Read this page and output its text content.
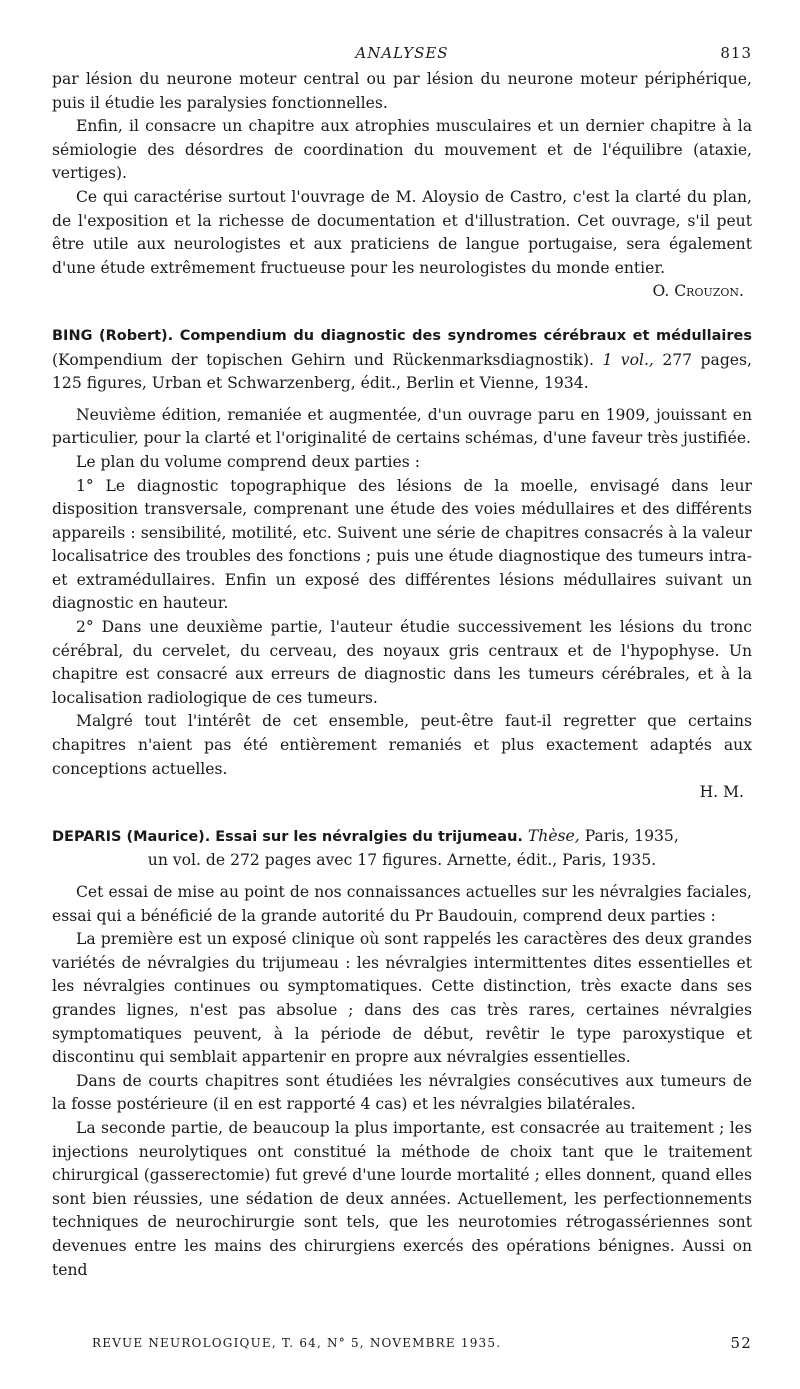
ANALYSES	813

par lésion du neurone moteur central ou par lésion du neurone moteur périphérique, puis il étudie les paralysies fonctionnelles.

Enfin, il consacre un chapitre aux atrophies musculaires et un dernier chapitre à la sémiologie des désordres de coordination du mouvement et de l'équilibre (ataxie, vertiges).

Ce qui caractérise surtout l'ouvrage de M. Aloysio de Castro, c'est la clarté du plan, de l'exposition et la richesse de documentation et d'illustration. Cet ouvrage, s'il peut être utile aux neurologistes et aux praticiens de langue portugaise, sera également d'une étude extrêmement fructueuse pour les neurologistes du monde entier.

O. Crouzon.

BING (Robert). Compendium du diagnostic des syndromes cérébraux et médullaires (Kompendium der topischen Gehirn und Rückenmarksdiagnostik). 1 vol., 277 pages, 125 figures, Urban et Schwarzenberg, édit., Berlin et Vienne, 1934.

Neuvième édition, remaniée et augmentée, d'un ouvrage paru en 1909, jouissant en particulier, pour la clarté et l'originalité de certains schémas, d'une faveur très justifiée.

Le plan du volume comprend deux parties :

1° Le diagnostic topographique des lésions de la moelle, envisagé dans leur disposition transversale, comprenant une étude des voies médullaires et des différents appareils : sensibilité, motilité, etc. Suivent une série de chapitres consacrés à la valeur localisatrice des troubles des fonctions ; puis une étude diagnostique des tumeurs intra- et extramédullaires. Enfin un exposé des différentes lésions médullaires suivant un diagnostic en hauteur.

2° Dans une deuxième partie, l'auteur étudie successivement les lésions du tronc cérébral, du cervelet, du cerveau, des noyaux gris centraux et de l'hypophyse. Un chapitre est consacré aux erreurs de diagnostic dans les tumeurs cérébrales, et à la localisation radiologique de ces tumeurs.

Malgré tout l'intérêt de cet ensemble, peut-être faut-il regretter que certains chapitres n'aient pas été entièrement remaniés et plus exactement adaptés aux conceptions actuelles.

H. M.

DEPARIS (Maurice). Essai sur les névralgies du trijumeau. Thèse, Paris, 1935,
un vol. de 272 pages avec 17 figures. Arnette, édit., Paris, 1935.

Cet essai de mise au point de nos connaissances actuelles sur les névralgies faciales, essai qui a bénéficié de la grande autorité du Pr Baudouin, comprend deux parties :

La première est un exposé clinique où sont rappelés les caractères des deux grandes variétés de névralgies du trijumeau : les névralgies intermittentes dites essentielles et les névralgies continues ou symptomatiques. Cette distinction, très exacte dans ses grandes lignes, n'est pas absolue ; dans des cas très rares, certaines névralgies symptomatiques peuvent, à la période de début, revêtir le type paroxystique et discontinu qui semblait appartenir en propre aux névralgies essentielles.

Dans de courts chapitres sont étudiées les névralgies consécutives aux tumeurs de la fosse postérieure (il en est rapporté 4 cas) et les névralgies bilatérales.

La seconde partie, de beaucoup la plus importante, est consacrée au traitement ; les injections neurolytiques ont constitué la méthode de choix tant que le traitement chirurgical (gasserectomie) fut grevé d'une lourde mortalité ; elles donnent, quand elles sont bien réussies, une sédation de deux années. Actuellement, les perfectionnements techniques de neurochirurgie sont tels, que les neurotomies rétrogassériennes sont devenues entre les mains des chirurgiens exercés des opérations bénignes. Aussi on tend

REVUE NEUROLOGIQUE, T. 64, N° 5, NOVEMBRE 1935.	52
